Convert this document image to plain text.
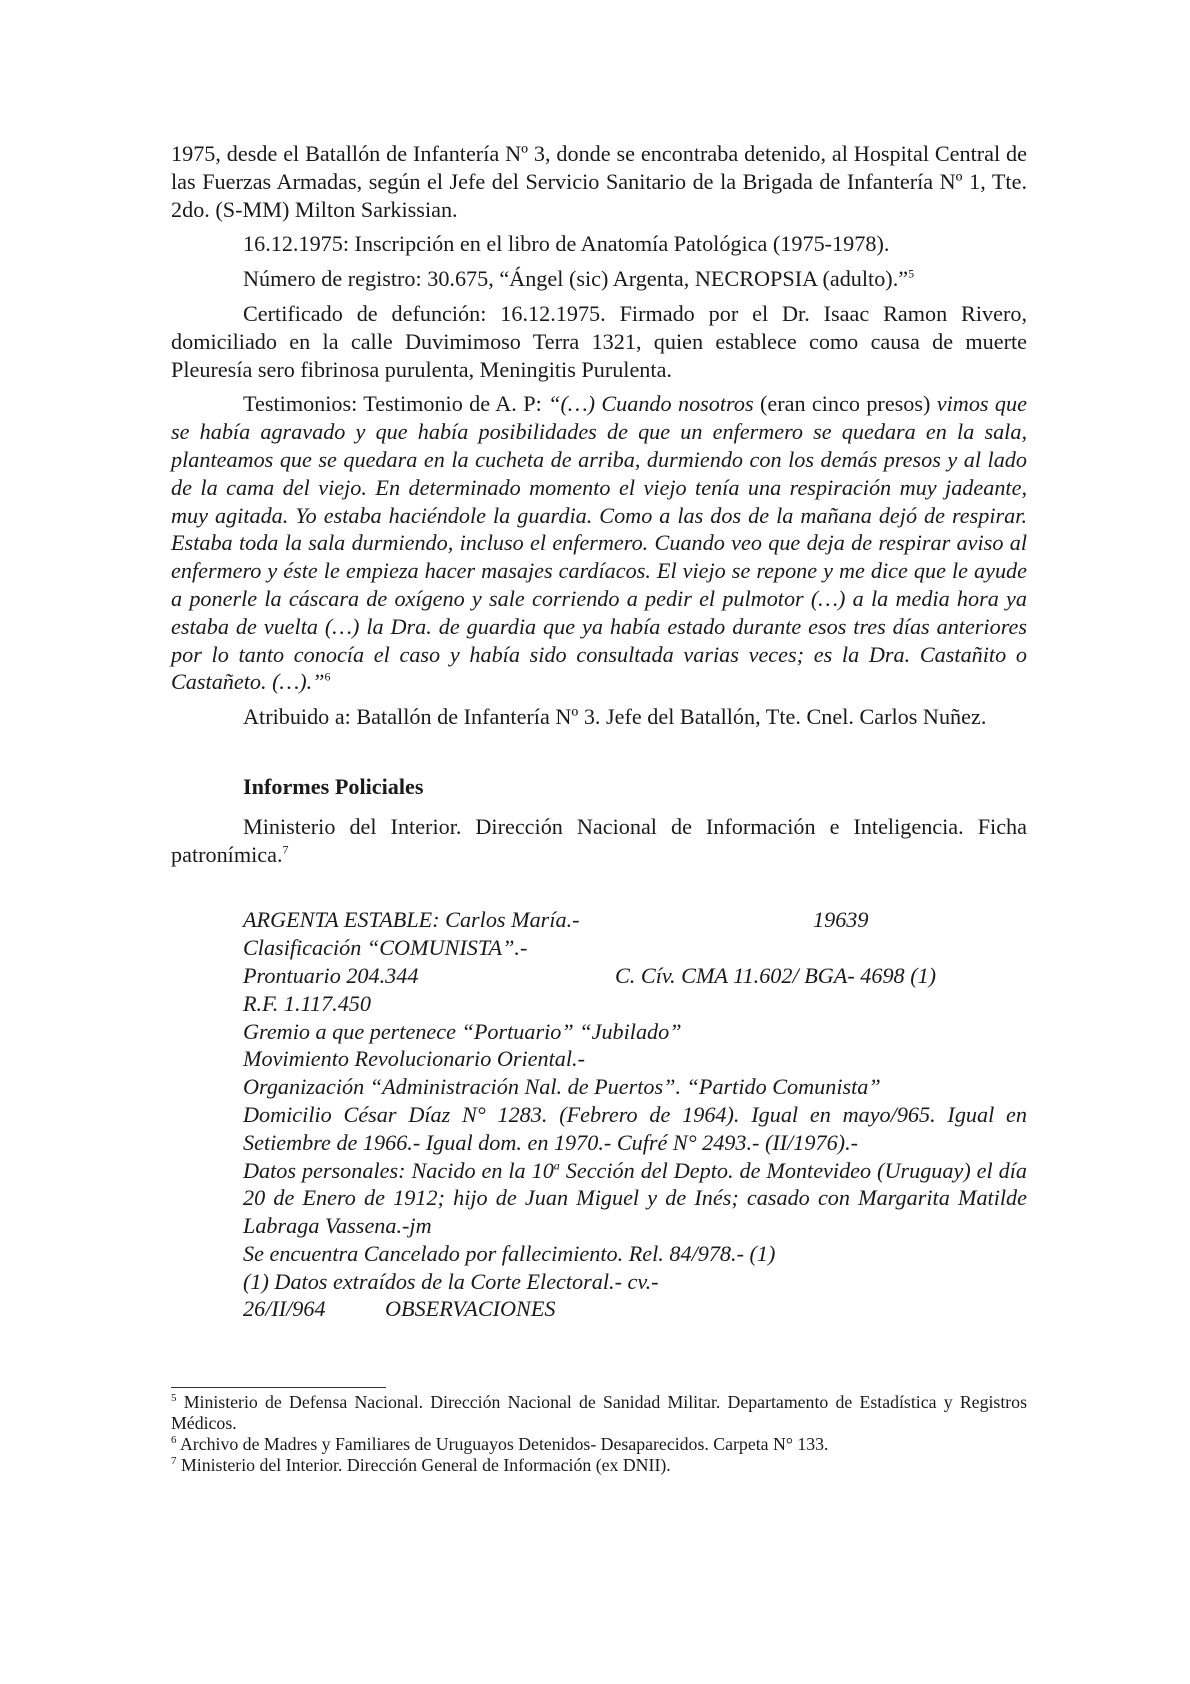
1975, desde el Batallón de Infantería Nº 3, donde se encontraba detenido, al Hospital Central de las Fuerzas Armadas, según el Jefe del Servicio Sanitario de la Brigada de Infantería Nº 1, Tte. 2do. (S-MM) Milton Sarkissian.

16.12.1975: Inscripción en el libro de Anatomía Patológica (1975-1978).

Número de registro: 30.675, “Ángel (sic) Argenta, NECROPSIA (adulto).”$^5$

Certificado de defunción: 16.12.1975. Firmado por el Dr. Isaac Ramon Rivero, domiciliado en la calle Duvimimoso Terra 1321, quien establece como causa de muerte Pleuresía sero fibrinosa purulenta, Meningitis Purulenta.

Testimonios: Testimonio de A. P: “(…) Cuando nosotros (eran cinco presos) vimos que se había agravado y que había posibilidades de que un enfermero se quedara en la sala, planteamos que se quedara en la cucheta de arriba, durmiendo con los demás presos y al lado de la cama del viejo. En determinado momento el viejo tenía una respiración muy jadeante, muy agitada. Yo estaba haciéndole la guardia. Como a las dos de la mañana dejó de respirar. Estaba toda la sala durmiendo, incluso el enfermero. Cuando veo que deja de respirar aviso al enfermero y éste le empieza hacer masajes cardíacos. El viejo se repone y me dice que le ayude a ponerle la cáscara de oxígeno y sale corriendo a pedir el pulmotor (…) a la media hora ya estaba de vuelta (…) la Dra. de guardia que ya había estado durante esos tres días anteriores por lo tanto conocía el caso y había sido consultada varias veces; es la Dra. Castañito o Castañeto. (…).”$^6$

Atribuido a: Batallón de Infantería Nº 3. Jefe del Batallón, Tte. Cnel. Carlos Nuñez.

Informes Policiales

Ministerio del Interior. Dirección Nacional de Información e Inteligencia. Ficha patronímica.$^7$

ARGENTA ESTABLE: Carlos María.-	19639
Clasificación “COMUNISTA”.-
Prontuario 204.344	C. Cív. CMA 11.602/ BGA- 4698 (1)
R.F. 1.117.450
Gremio a que pertenece “Portuario” “Jubilado”
Movimiento Revolucionario Oriental.-
Organización “Administración Nal. de Puertos”. “Partido Comunista”
Domicilio César Díaz N° 1283. (Febrero de 1964). Igual en mayo/965. Igual en Setiembre de 1966.- Igual dom. en 1970.- Cufré N° 2493.- (II/1976).-
Datos personales: Nacido en la 10$^a$ Sección del Depto. de Montevideo (Uruguay) el día 20 de Enero de 1912; hijo de Juan Miguel y de Inés; casado con Margarita Matilde Labraga Vassena.-jm
Se encuentra Cancelado por fallecimiento. Rel. 84/978.- (1)
(1) Datos extraídos de la Corte Electoral.- cv.-
26/II/964	OBSERVACIONES

$^5$ Ministerio de Defensa Nacional. Dirección Nacional de Sanidad Militar. Departamento de Estadística y Registros Médicos.

$^6$ Archivo de Madres y Familiares de Uruguayos Detenidos- Desaparecidos. Carpeta N° 133.

$^7$ Ministerio del Interior. Dirección General de Información (ex DNII).
